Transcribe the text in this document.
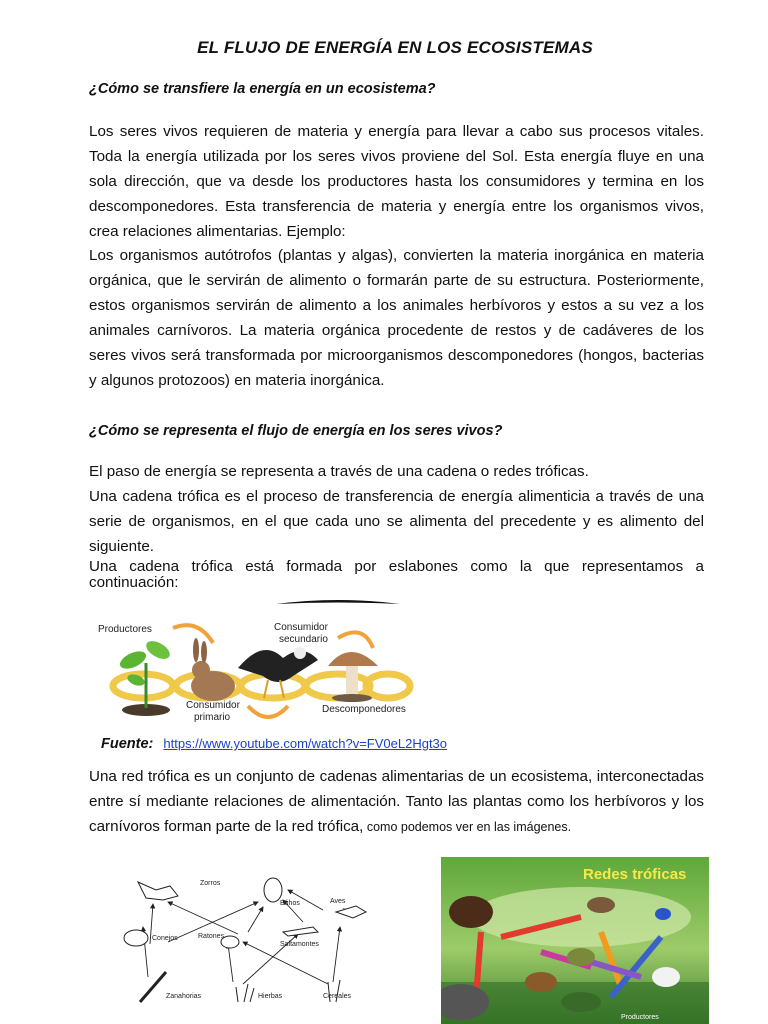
EL FLUJO DE ENERGÍA EN LOS ECOSISTEMAS
¿Cómo se transfiere la energía en un ecosistema?

Los seres vivos requieren de materia y energía para llevar a cabo sus procesos vitales. Toda la energía utilizada por los seres vivos proviene del Sol. Esta energía fluye en una sola dirección, que va desde los productores hasta los consumidores y termina en los descomponedores. Esta transferencia de materia y energía entre los organismos vivos, crea relaciones alimentarias. Ejemplo:

Los organismos autótrofos (plantas y algas), convierten la materia inorgánica en materia orgánica, que le servirán de alimento o formarán parte de su estructura. Posteriormente, estos organismos servirán de alimento a los animales herbívoros y estos a su vez a los animales carnívoros. La materia orgánica procedente de restos y de cadáveres de los seres vivos será transformada por microorganismos descomponedores (hongos, bacterias y algunos protozoos) en materia inorgánica.

¿Cómo se representa el flujo de energía en los seres vivos?

El paso de energía se representa a través de una cadena o redes tróficas.

Una cadena trófica es el proceso de transferencia de energía alimenticia a través de una serie de organismos, en el que cada uno se alimenta del precedente y es alimento del siguiente.

Una cadena trófica está formada por eslabones como la que representamos a continuación:

Productores	Consumidor
secundario
Consumidor
primario
Descomponedores
Fuente: https://www.youtube.com/watch?v=FV0eL2Hgt3o

Una red trófica es un conjunto de cadenas alimentarias de un ecosistema, interconectadas entre sí mediante relaciones de alimentación. Tanto las plantas como los herbívoros y los carnívoros forman parte de la red trófica, como podemos ver en las imágenes.

Zorros
Búhos	Aves
Conejos	Ratones
Saltamontes
Zanahorias	Hierbas	Cereales
Redes tróficas
Productores
